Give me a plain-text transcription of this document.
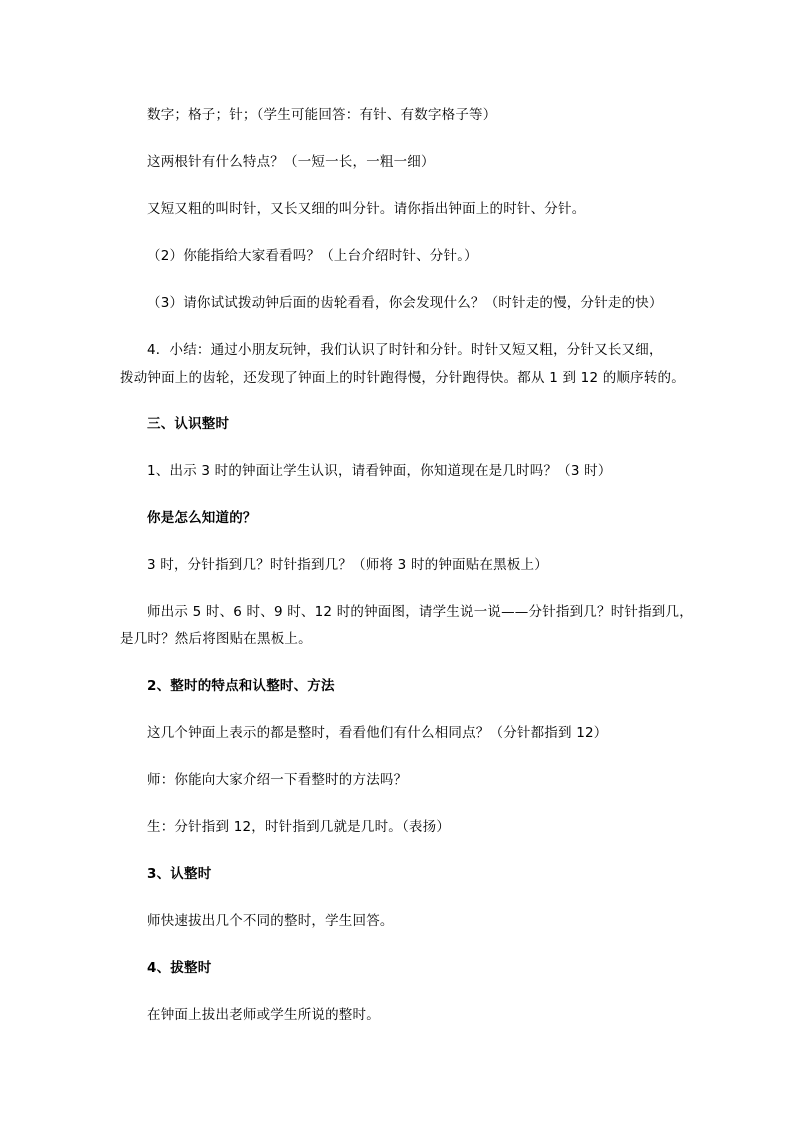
数字；格子；针；（学生可能回答：有针、有数字格子等）
这两根针有什么特点？（一短一长，一粗一细）
又短又粗的叫时针，又长又细的叫分针。请你指出钟面上的时针、分针。
（2）你能指给大家看看吗？（上台介绍时针、分针。）
（3）请你试试拨动钟后面的齿轮看看，你会发现什么？（时针走的慢，分针走的快）
4．小结：通过小朋友玩钟，我们认识了时针和分针。时针又短又粗，分针又长又细，
拨动钟面上的齿轮，还发现了钟面上的时针跑得慢，分针跑得快。都从 1 到 12 的顺序转的。
三、认识整时
1、出示 3 时的钟面让学生认识，请看钟面，你知道现在是几时吗？（3 时）
你是怎么知道的？
3 时，分针指到几？时针指到几？（师将 3 时的钟面贴在黑板上）
师出示 5 时、6 时、9 时、12 时的钟面图，请学生说一说——分针指到几？时针指到几，
是几时？然后将图贴在黑板上。
2、整时的特点和认整时、方法
这几个钟面上表示的都是整时，看看他们有什么相同点？（分针都指到 12）
师：你能向大家介绍一下看整时的方法吗？
生：分针指到 12，时针指到几就是几时。（表扬）
3、认整时
师快速拔出几个不同的整时，学生回答。
4、拔整时
在钟面上拔出老师或学生所说的整时。
